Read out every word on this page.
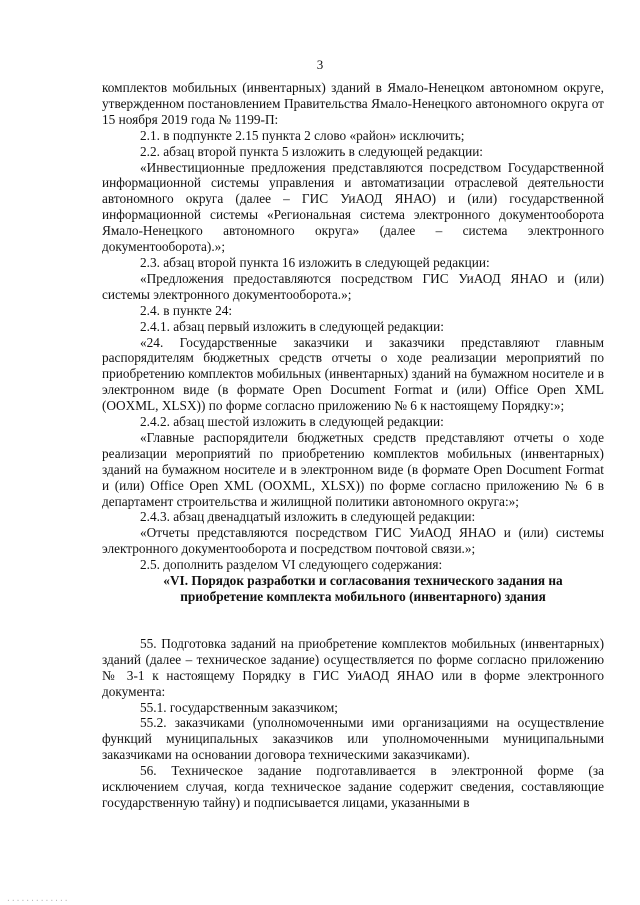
3

комплектов мобильных (инвентарных) зданий в Ямало-Ненецком автономном округе, утвержденном постановлением Правительства Ямало-Ненецкого автономного округа от 15 ноября 2019 года № 1199-П:

2.1. в подпункте 2.15 пункта 2 слово «район» исключить;

2.2. абзац второй пункта 5 изложить в следующей редакции:

«Инвестиционные предложения представляются посредством Государственной информационной системы управления и автоматизации отраслевой деятельности автономного округа (далее – ГИС УиАОД ЯНАО) и (или) государственной информационной системы «Региональная система электронного документооборота Ямало-Ненецкого автономного округа» (далее – система электронного документооборота).»;

2.3. абзац второй пункта 16 изложить в следующей редакции:

«Предложения предоставляются посредством ГИС УиАОД ЯНАО и (или) системы электронного документооборота.»;

2.4. в пункте 24:

2.4.1. абзац первый изложить в следующей редакции:

«24. Государственные заказчики и заказчики представляют главным распорядителям бюджетных средств отчеты о ходе реализации мероприятий по приобретению комплектов мобильных (инвентарных) зданий на бумажном носителе и в электронном виде (в формате Open Document Format и (или) Office Open XML (OOXML, XLSX)) по форме согласно приложению № 6 к настоящему Порядку:»;

2.4.2. абзац шестой изложить в следующей редакции:

«Главные распорядители бюджетных средств представляют отчеты о ходе реализации мероприятий по приобретению комплектов мобильных (инвентарных) зданий на бумажном носителе и в электронном виде (в формате Open Document Format и (или) Office Open XML (OOXML, XLSX)) по форме согласно приложению № 6 в департамент строительства и жилищной политики автономного округа:»;

2.4.3. абзац двенадцатый изложить в следующей редакции:

«Отчеты представляются посредством ГИС УиАОД ЯНАО и (или) системы электронного документооборота и посредством почтовой связи.»;

2.5. дополнить разделом VI следующего содержания:

«VI. Порядок разработки и согласования технического задания на приобретение комплекта мобильного (инвентарного) здания

55. Подготовка заданий на приобретение комплектов мобильных (инвентарных) зданий (далее – техническое задание) осуществляется по форме согласно приложению № 3-1 к настоящему Порядку в ГИС УиАОД ЯНАО или в форме электронного документа:

55.1. государственным заказчиком;

55.2. заказчиками (уполномоченными ими организациями на осуществление функций муниципальных заказчиков или уполномоченными муниципальными заказчиками на основании договора техническими заказчиками).

56. Техническое задание подготавливается в электронной форме (за исключением случая, когда техническое задание содержит сведения, составляющие государственную тайну) и подписывается лицами, указанными в

.............
